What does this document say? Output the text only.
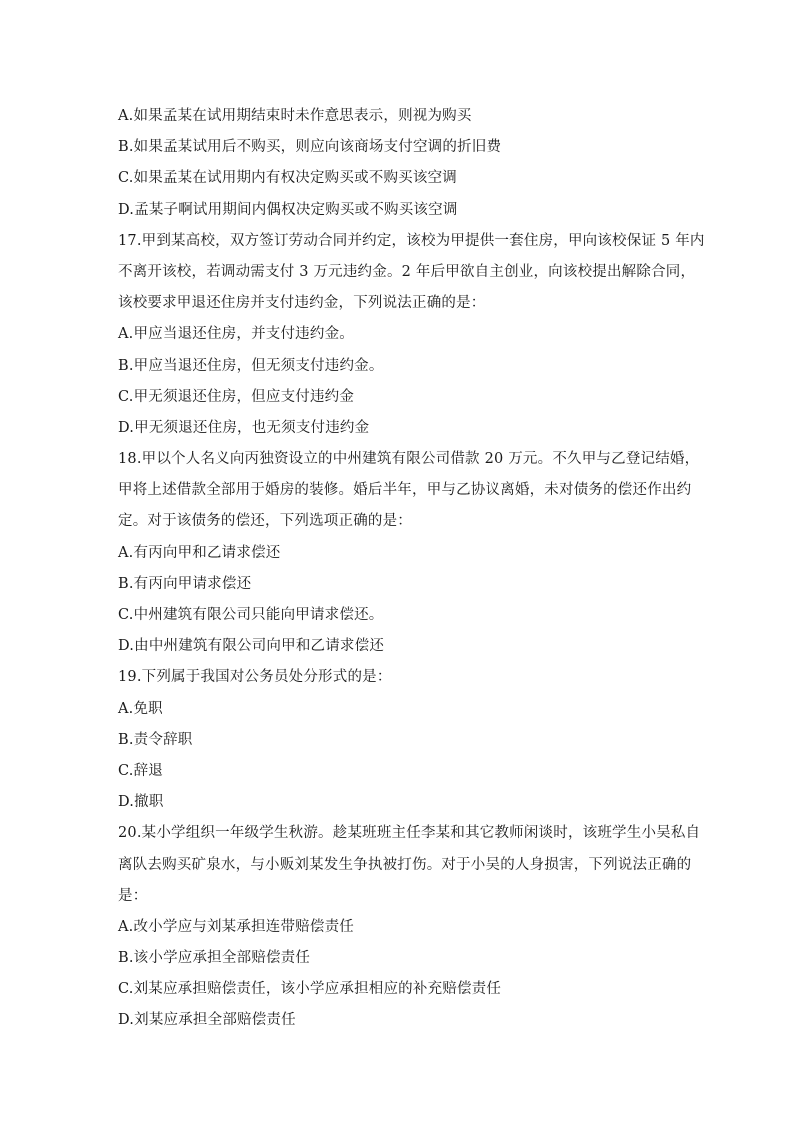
A.如果孟某在试用期结束时未作意思表示，则视为购买
B.如果孟某试用后不购买，则应向该商场支付空调的折旧费
C.如果孟某在试用期内有权决定购买或不购买该空调
D.孟某子啊试用期间内偶权决定购买或不购买该空调
17.甲到某高校，双方签订劳动合同并约定，该校为甲提供一套住房，甲向该校保证 5 年内
不离开该校，若调动需支付 3 万元违约金。2 年后甲欲自主创业，向该校提出解除合同，
该校要求甲退还住房并支付违约金，下列说法正确的是：
A.甲应当退还住房，并支付违约金。
B.甲应当退还住房，但无须支付违约金。
C.甲无须退还住房，但应支付违约金
D.甲无须退还住房，也无须支付违约金
18.甲以个人名义向丙独资设立的中州建筑有限公司借款 20 万元。不久甲与乙登记结婚，
甲将上述借款全部用于婚房的装修。婚后半年，甲与乙协议离婚，未对债务的偿还作出约
定。对于该债务的偿还，下列选项正确的是：
A.有丙向甲和乙请求偿还
B.有丙向甲请求偿还
C.中州建筑有限公司只能向甲请求偿还。
D.由中州建筑有限公司向甲和乙请求偿还
19.下列属于我国对公务员处分形式的是：
A.免职
B.责令辞职
C.辞退
D.撤职
20.某小学组织一年级学生秋游。趁某班班主任李某和其它教师闲谈时，该班学生小吴私自
离队去购买矿泉水，与小贩刘某发生争执被打伤。对于小吴的人身损害，下列说法正确的
是：
A.改小学应与刘某承担连带赔偿责任
B.该小学应承担全部赔偿责任
C.刘某应承担赔偿责任，该小学应承担相应的补充赔偿责任
D.刘某应承担全部赔偿责任
